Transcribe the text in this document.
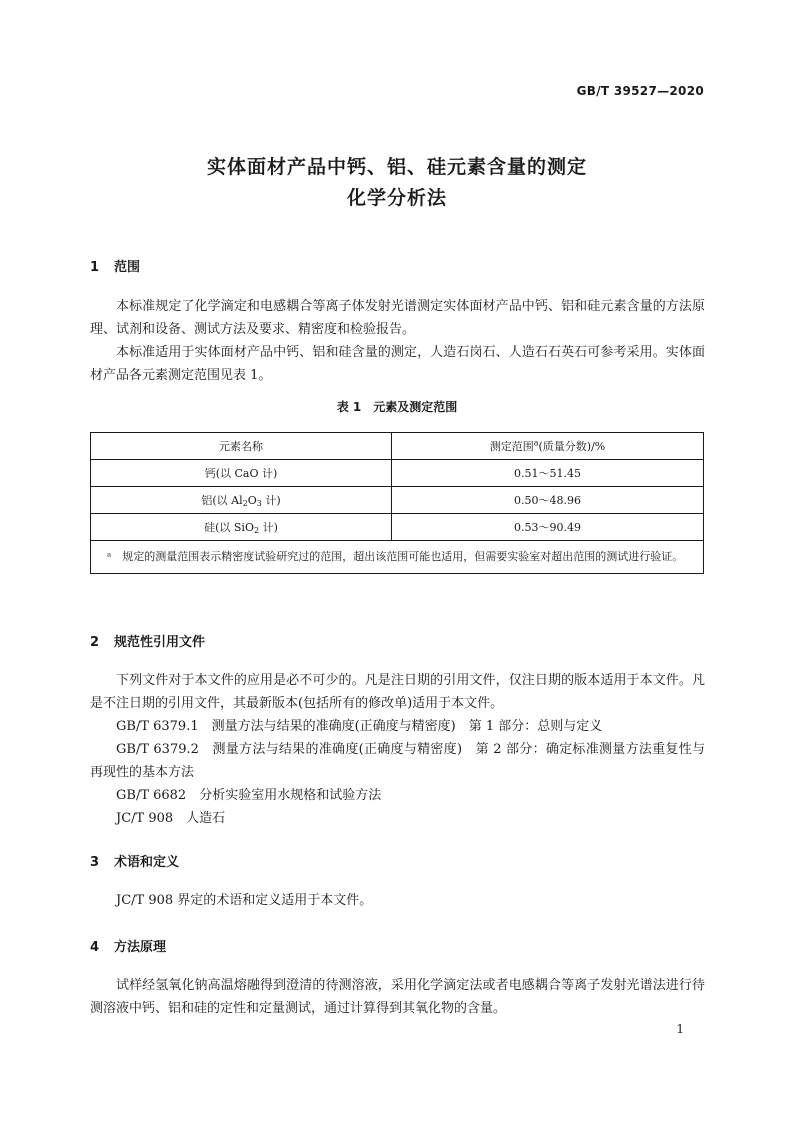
GB/T 39527—2020
实体面材产品中钙、铝、硅元素含量的测定
化学分析法
1 范围
本标准规定了化学滴定和电感耦合等离子体发射光谱测定实体面材产品中钙、铝和硅元素含量的方法原理、试剂和设备、测试方法及要求、精密度和检验报告。
本标准适用于实体面材产品中钙、铝和硅含量的测定，人造石岗石、人造石石英石可参考采用。实体面材产品各元素测定范围见表 1。
表 1　元素及测定范围
元素名称	测定范围$^a$(质量分数)/%
钙(以 CaO 计)	0.51～51.45
铝(以 $Al_2O_3$ 计)	0.50～48.96
硅(以 SiO$_2$ 计)	0.53～90.49
ᵃ　规定的测量范围表示精密度试验研究过的范围，超出该范围可能也适用，但需要实验室对超出范围的测试进行验证。	
2 规范性引用文件
下列文件对于本文件的应用是必不可少的。凡是注日期的引用文件，仅注日期的版本适用于本文件。凡是不注日期的引用文件，其最新版本(包括所有的修改单)适用于本文件。
GB/T 6379.1　测量方法与结果的准确度(正确度与精密度)　第 1 部分：总则与定义
GB/T 6379.2　测量方法与结果的准确度(正确度与精密度)　第 2 部分：确定标准测量方法重复性与再现性的基本方法
GB/T 6682　分析实验室用水规格和试验方法
JC/T 908　人造石
3 术语和定义
JC/T 908 界定的术语和定义适用于本文件。
4 方法原理
试样经氢氧化钠高温熔融得到澄清的待测溶液，采用化学滴定法或者电感耦合等离子发射光谱法进行待测溶液中钙、铝和硅的定性和定量测试，通过计算得到其氧化物的含量。
1
